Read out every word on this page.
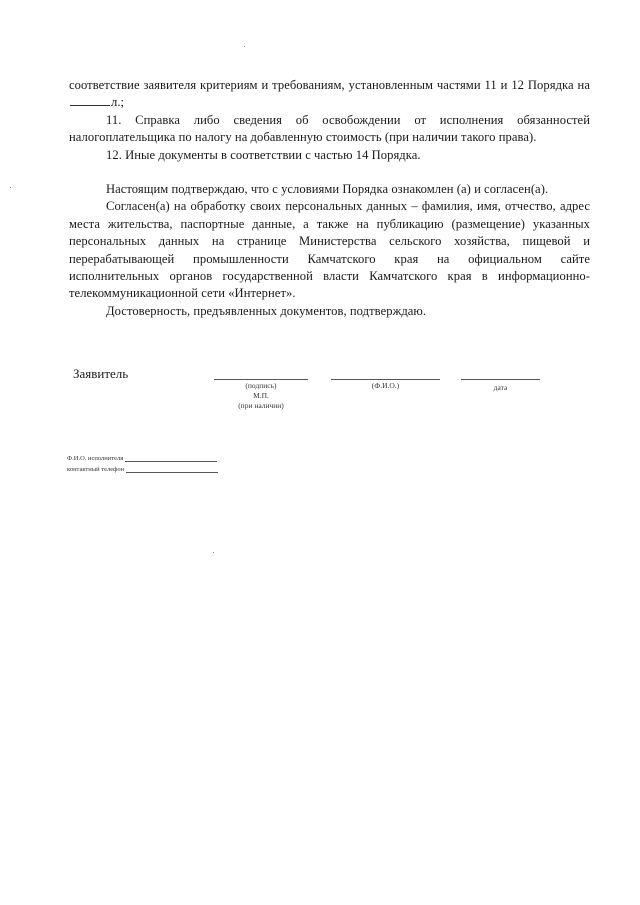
соответствие заявителя критериям и требованиям, установленным частями 11 и 12 Порядка на л.;

11. Справка либо сведения об освобождении от исполнения обязанностей налогоплательщика по налогу на добавленную стоимость (при наличии такого права).

12. Иные документы в соответствии с частью 14 Порядка.

Настоящим подтверждаю, что с условиями Порядка ознакомлен (а) и согласен(а).

Согласен(а) на обработку своих персональных данных – фамилия, имя, отчество, адрес места жительства, паспортные данные, а также на публикацию (размещение) указанных персональных данных на странице Министерства сельского хозяйства, пищевой и перерабатывающей промышленности Камчатского края на официальном сайте исполнительных органов государственной власти Камчатского края в информационно-телекоммуникационной сети «Интернет».

Достоверность, предъявленных документов, подтверждаю.

Заявитель
(подпись)
М.П.
(при наличии)
(Ф.И.О.)	дата
Ф.И.О. исполнителя
контактный телефон
